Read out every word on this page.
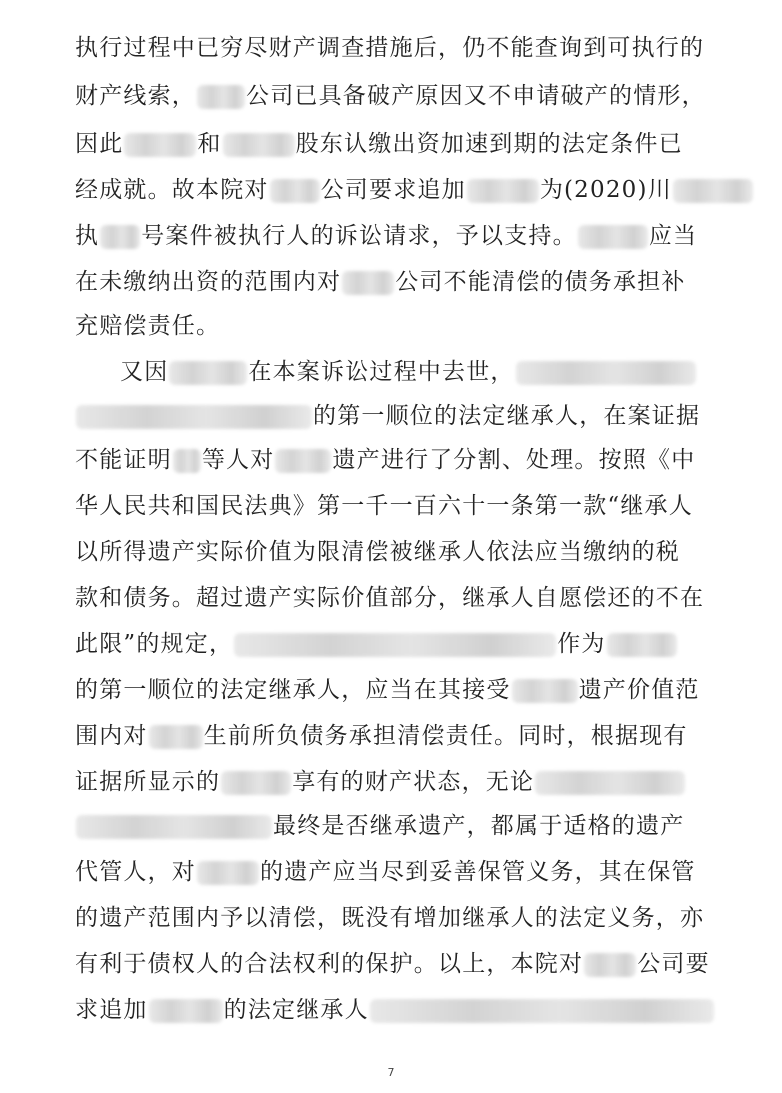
执行过程中已穷尽财产调查措施后，仍不能查询到可执行的
财产线索， 公司已具备破产原因又不申请破产的情形，
因此	和	股东认缴出资加速到期的法定条件已
经成就。故本院对 公司要求追加	为(2020)川
执 号案件被执行人的诉讼请求，予以支持。	应当
在未缴纳出资的范围内对 公司不能清偿的债务承担补
充赔偿责任。
又因	在本案诉讼过程中去世，
的第一顺位的法定继承人，在案证据
不能证明 等人对	遗产进行了分割、处理。按照《中
华人民共和国民法典》第一千一百六十一条第一款“继承人
以所得遗产实际价值为限清偿被继承人依法应当缴纳的税
款和债务。超过遗产实际价值部分，继承人自愿偿还的不在
此限”的规定，	作为
的第一顺位的法定继承人，应当在其接受	遗产价值范
围内对 生前所负债务承担清偿责任。同时，根据现有
证据所显示的	享有的财产状态，无论
最终是否继承遗产，都属于适格的遗产
代管人，对	的遗产应当尽到妥善保管义务，其在保管
的遗产范围内予以清偿，既没有增加继承人的法定义务，亦
有利于债权人的合法权利的保护。以上，本院对 公司要
求追加	的法定继承人
7
